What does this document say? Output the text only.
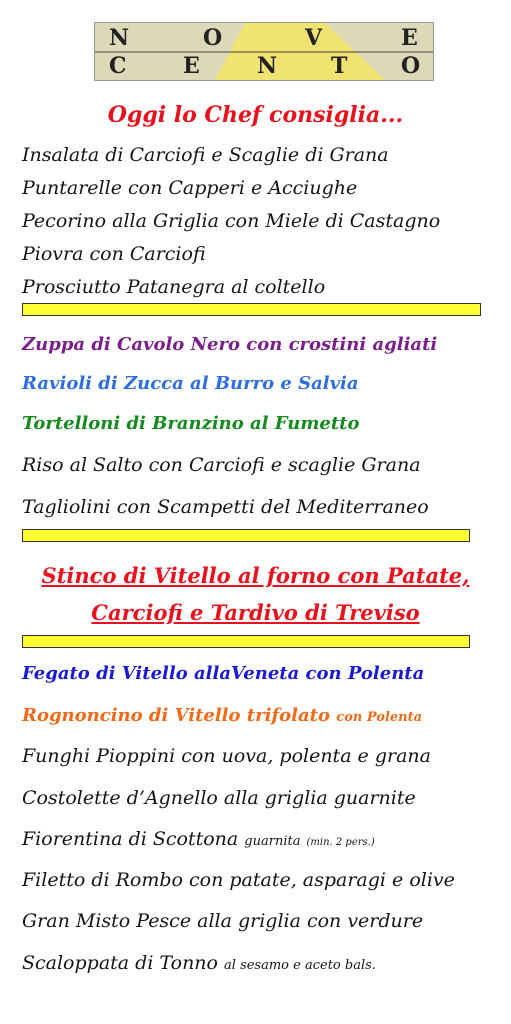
N	O	V	E
C	E	N T O
Oggi lo Chef consiglia...
Insalata di Carciofi e Scaglie di Grana
Puntarelle con Capperi e Acciughe
Pecorino alla Griglia con Miele di Castagno
Piovra con Carciofi
Prosciutto Patanegra al coltello
Zuppa di Cavolo Nero con crostini agliati
Ravioli di Zucca al Burro e Salvia
Tortelloni di Branzino al Fumetto
Riso al Salto con Carciofi e scaglie Grana
Tagliolini con Scampetti del Mediterraneo
Stinco di Vitello al forno con Patate,
Carciofi e Tardivo di Treviso
Fegato di Vitello allaVeneta con Polenta
Rognoncino di Vitello trifolato con Polenta
Funghi Pioppini con uova, polenta e grana
Costolette d’Agnello alla griglia guarnite
Fiorentina di Scottona guarnita (min. 2 pers.)
Filetto di Rombo con patate, asparagi e olive
Gran Misto Pesce alla griglia con verdure
Scaloppata di Tonno al sesamo e aceto bals.
